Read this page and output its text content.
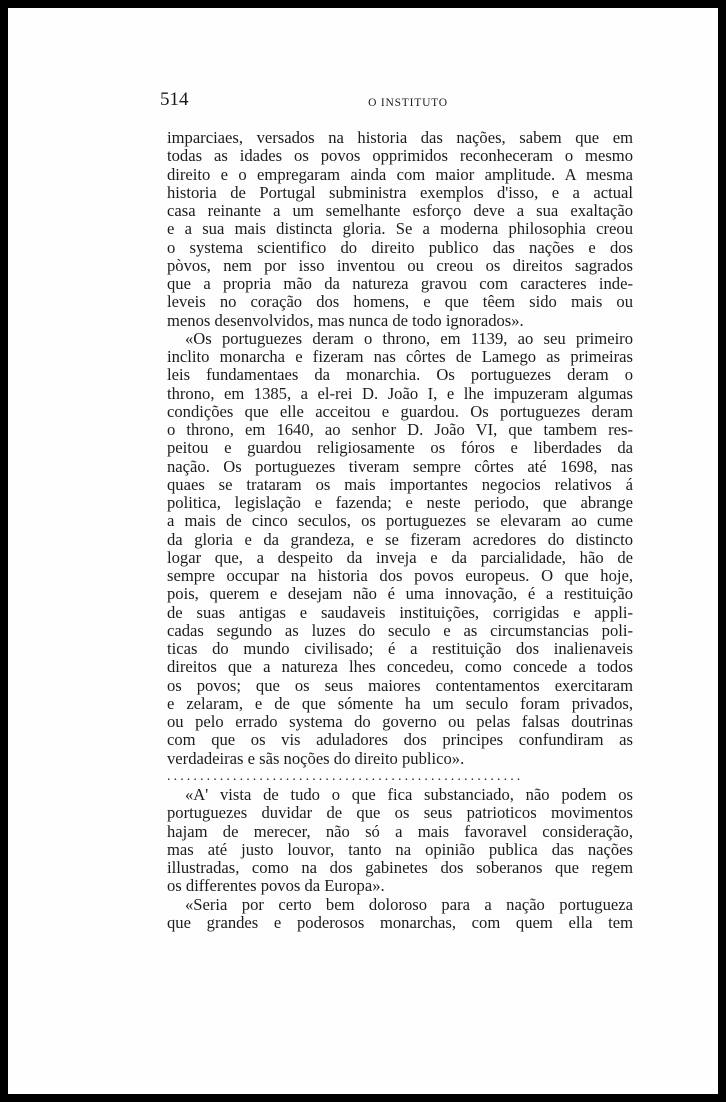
514	O INSTITUTO
imparciaes, versados na historia das nações, sabem que em
todas as idades os povos opprimidos reconheceram o mesmo
direito e o empregaram ainda com maior amplitude. A mesma
historia de Portugal subministra exemplos d'isso, e a actual
casa reinante a um semelhante esforço deve a sua exaltação
e a sua mais distincta gloria. Se a moderna philosophia creou
o systema scientifico do direito publico das nações e dos
pòvos, nem por isso inventou ou creou os direitos sagrados
que a propria mão da natureza gravou com caracteres inde-
leveis no coração dos homens, e que têem sido mais ou
menos desenvolvidos, mas nunca de todo ignorados».
«Os portuguezes deram o throno, em 1139, ao seu primeiro
inclito monarcha e fizeram nas côrtes de Lamego as primeiras
leis fundamentaes da monarchia. Os portuguezes deram o
throno, em 1385, a el-rei D. João I, e lhe impuzeram algumas
condições que elle acceitou e guardou. Os portuguezes deram
o throno, em 1640, ao senhor D. João VI, que tambem res-
peitou e guardou religiosamente os fóros e liberdades da
nação. Os portuguezes tiveram sempre côrtes até 1698, nas
quaes se trataram os mais importantes negocios relativos á
politica, legislação e fazenda; e neste periodo, que abrange
a mais de cinco seculos, os portuguezes se elevaram ao cume
da gloria e da grandeza, e se fizeram acredores do distincto
logar que, a despeito da inveja e da parcialidade, hão de
sempre occupar na historia dos povos europeus. O que hoje,
pois, querem e desejam não é uma innovação, é a restituição
de suas antigas e saudaveis instituições, corrigidas e appli-
cadas segundo as luzes do seculo e as circumstancias poli-
ticas do mundo civilisado; é a restituição dos inalienaveis
direitos que a natureza lhes concedeu, como concede a todos
os povos; que os seus maiores contentamentos exercitaram
e zelaram, e de que sómente ha um seculo foram privados,
ou pelo errado systema do governo ou pelas falsas doutrinas
com que os vis aduladores dos principes confundiram as
verdadeiras e sãs noções do direito publico».
......................................................
«A' vista de tudo o que fica substanciado, não podem os
portuguezes duvidar de que os seus patrioticos movimentos
hajam de merecer, não só a mais favoravel consideração,
mas até justo louvor, tanto na opinião publica das nações
illustradas, como na dos gabinetes dos soberanos que regem
os differentes povos da Europa».
«Seria por certo bem doloroso para a nação portugueza
que grandes e poderosos monarchas, com quem ella tem
